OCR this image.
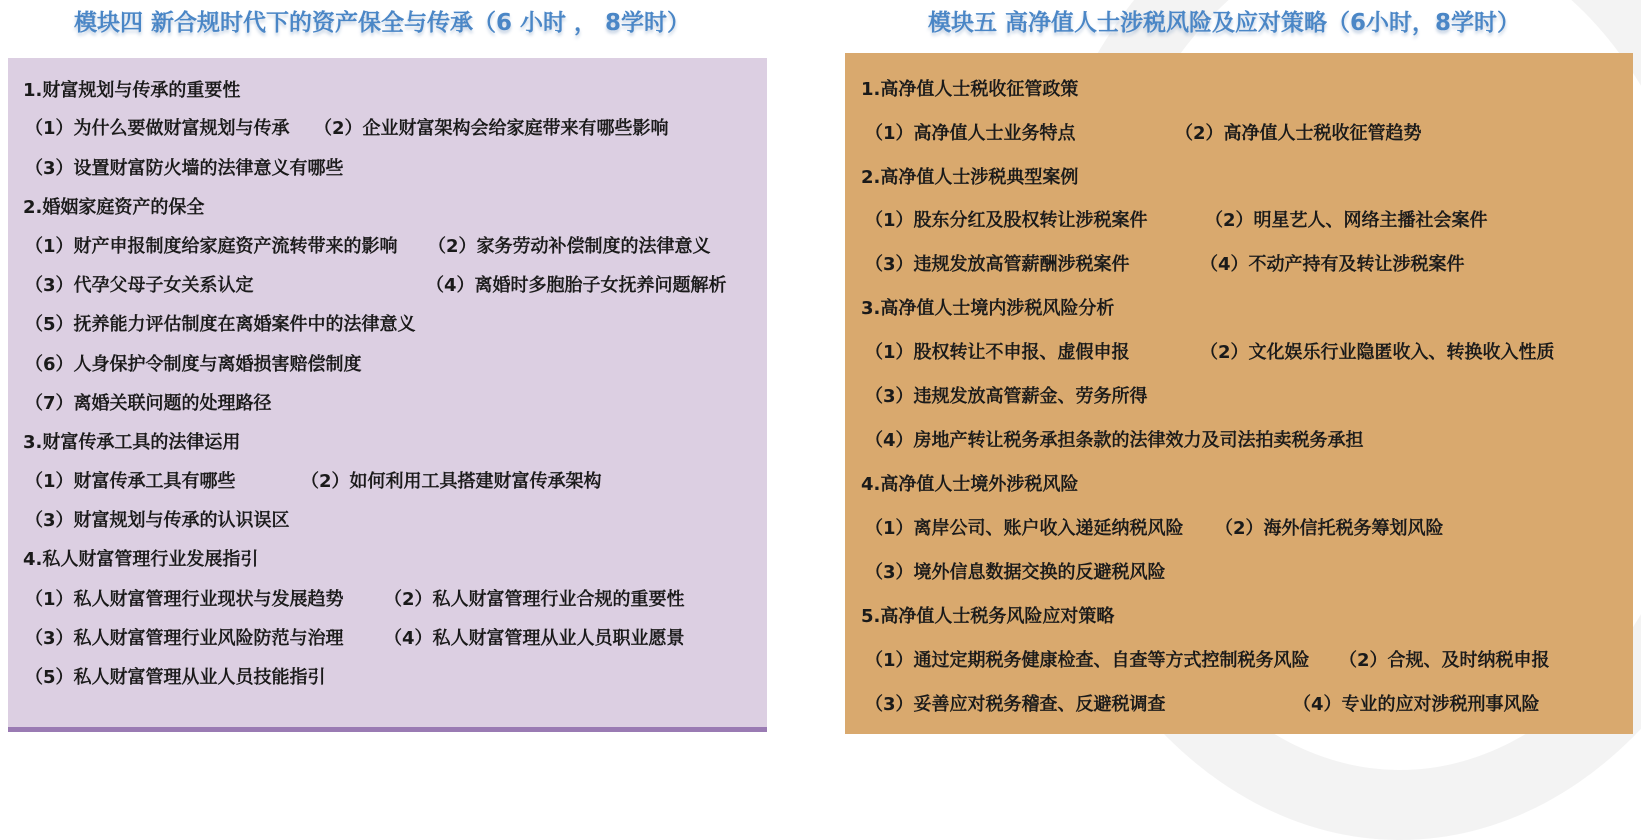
模块四 新合规时代下的资产保全与传承（6 小时 ， 8学时）	模块五 高净值人士涉税风险及应对策略（6小时，8学时）
1.财富规划与传承的重要性
（1）为什么要做财富规划与传承 （2）企业财富架构会给家庭带来有哪些影响
（3）设置财富防火墙的法律意义有哪些
2.婚姻家庭资产的保全
（1）财产申报制度给家庭资产流转带来的影响 （2）家务劳动补偿制度的法律意义
（3）代孕父母子女关系认定	（4）离婚时多胞胎子女抚养问题解析
（5）抚养能力评估制度在离婚案件中的法律意义
（6）人身保护令制度与离婚损害赔偿制度
（7）离婚关联问题的处理路径
3.财富传承工具的法律运用
（1）财富传承工具有哪些	（2）如何利用工具搭建财富传承架构
（3）财富规划与传承的认识误区
4.私人财富管理行业发展指引
（1）私人财富管理行业现状与发展趋势 （2）私人财富管理行业合规的重要性
（3）私人财富管理行业风险防范与治理 （4）私人财富管理从业人员职业愿景
（5）私人财富管理从业人员技能指引
1.高净值人士税收征管政策
（1）高净值人士业务特点	（2）高净值人士税收征管趋势
2.高净值人士涉税典型案例
（1）股东分红及股权转让涉税案件	（2）明星艺人、网络主播社会案件
（3）违规发放高管薪酬涉税案件	（4）不动产持有及转让涉税案件
3.高净值人士境内涉税风险分析
（1）股权转让不申报、虚假申报	（2）文化娱乐行业隐匿收入、转换收入性质
（3）违规发放高管薪金、劳务所得
（4）房地产转让税务承担条款的法律效力及司法拍卖税务承担
4.高净值人士境外涉税风险
（1）离岸公司、账户收入递延纳税风险 （2）海外信托税务筹划风险
（3）境外信息数据交换的反避税风险
5.高净值人士税务风险应对策略
（1）通过定期税务健康检查、自查等方式控制税务风险 （2）合规、及时纳税申报
（3）妥善应对税务稽查、反避税调查	（4）专业的应对涉税刑事风险
